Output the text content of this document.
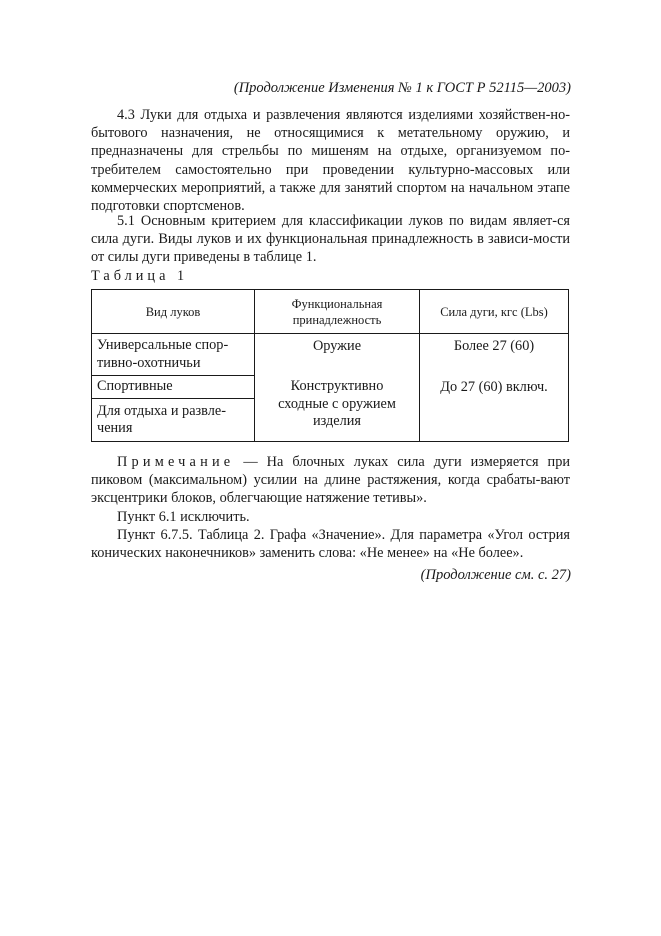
(Продолжение Изменения № 1 к ГОСТ Р 52115—2003)

4.3 Луки для отдыха и развлечения являются изделиями хозяйствен-но-бытового назначения, не относящимися к метательному оружию, и предназначены для стрельбы по мишеням на отдыхе, организуемом по-требителем самостоятельно при проведении культурно-массовых или коммерческих мероприятий, а также для занятий спортом на начальном этапе подготовки спортсменов.

5.1 Основным критерием для классификации луков по видам являет-ся сила дуги. Виды луков и их функциональная принадлежность в зависи-мости от силы дуги приведены в таблице 1.

Таблица 1
Вид луков
Функциональная принадлежность
Сила дуги, кгс (Lbs)
Универсальные спор-тивно-охотничьи
Оружие	Более 27 (60)
Спортивные
Для отдыха и развле-чения
Конструктивно сходные с оружием изделия
До 27 (60) включ.

Примечание — На блочных луках сила дуги измеряется при пиковом (максимальном) усилии на длине растяжения, когда срабаты-вают эксцентрики блоков, облегчающие натяжение тетивы».

Пункт 6.1 исключить.

Пункт 6.7.5. Таблица 2. Графа «Значение». Для параметра «Угол острия конических наконечников» заменить слова: «Не менее» на «Не более».

(Продолжение см. с. 27)
